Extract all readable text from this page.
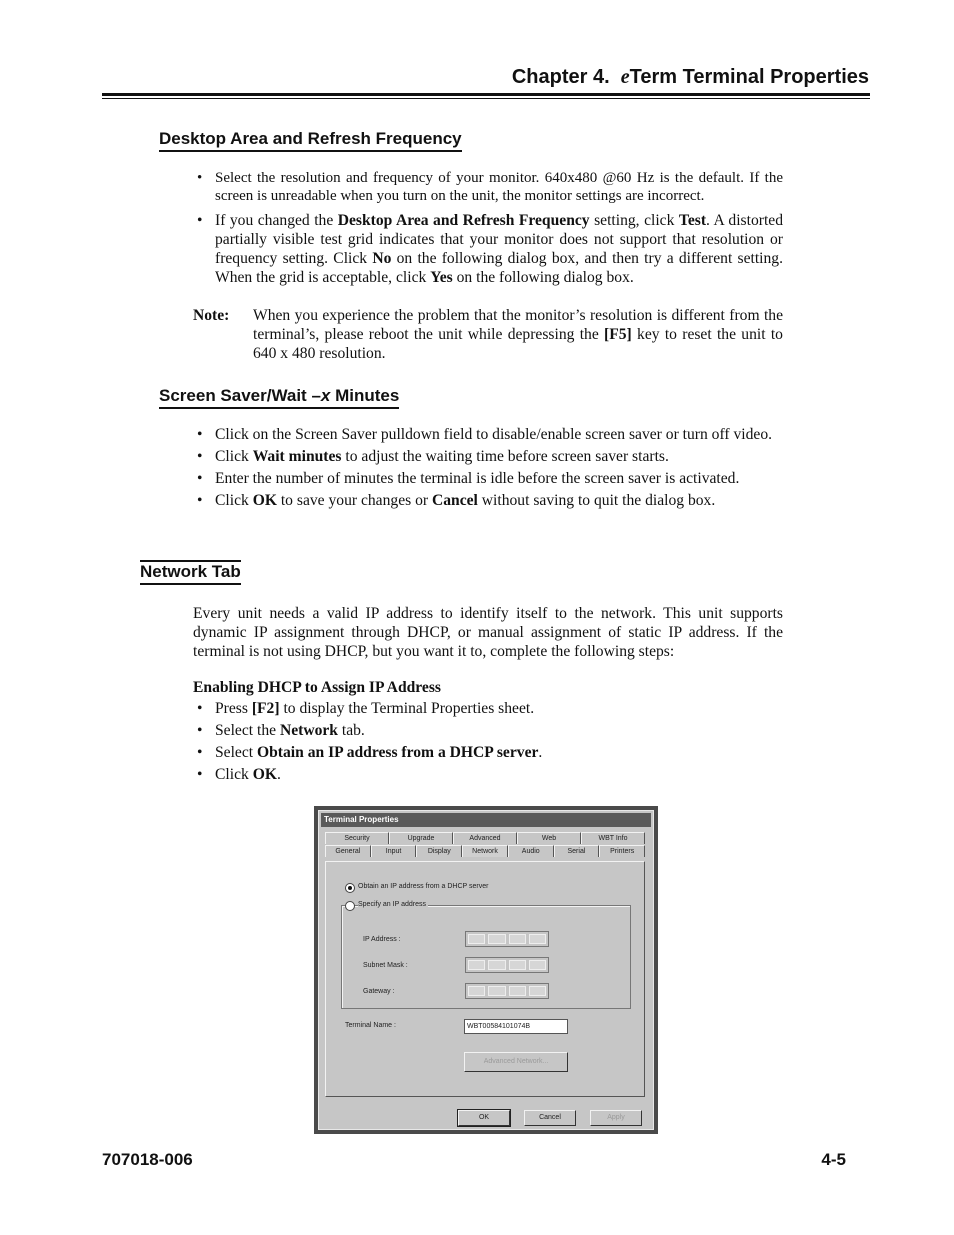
Chapter 4. eTerm Terminal Properties
Desktop Area and Refresh Frequency
• Select the resolution and frequency of your monitor. 640x480 @60 Hz is the default. If the screen is unreadable when you turn on the unit, the monitor settings are incorrect.
• If you changed the Desktop Area and Refresh Frequency setting, click Test. A distorted partially visible test grid indicates that your monitor does not support that resolution or frequency setting. Click No on the following dialog box, and then try a different setting. When the grid is acceptable, click Yes on the following dialog box.
Note: When you experience the problem that the monitor’s resolution is different from the terminal’s, please reboot the unit while depressing the [F5] key to reset the unit to 640 x 480 resolution.
Screen Saver/Wait –x Minutes
• Click on the Screen Saver pulldown field to disable/enable screen saver or turn off video.
• Click Wait minutes to adjust the waiting time before screen saver starts.
• Enter the number of minutes the terminal is idle before the screen saver is activated.
• Click OK to save your changes or Cancel without saving to quit the dialog box.
Network Tab
Every unit needs a valid IP address to identify itself to the network. This unit supports dynamic IP assignment through DHCP, or manual assignment of static IP address. If the terminal is not using DHCP, but you want it to, complete the following steps:
Enabling DHCP to Assign IP Address
• Press [F2] to display the Terminal Properties sheet.
• Select the Network tab.
• Select Obtain an IP address from a DHCP server.
• Click OK.
Terminal Properties
Security	Upgrade	Advanced	Web	WBT Info
General	Input	Display	Network	Audio	Serial	Printers
Obtain an IP address from a DHCP server
Specify an IP address
IP Address :
Subnet Mask :
Gateway :
Terminal Name :	WBT00584101074B
Advanced Network...
OK	Cancel	Apply
707018-006	4-5
